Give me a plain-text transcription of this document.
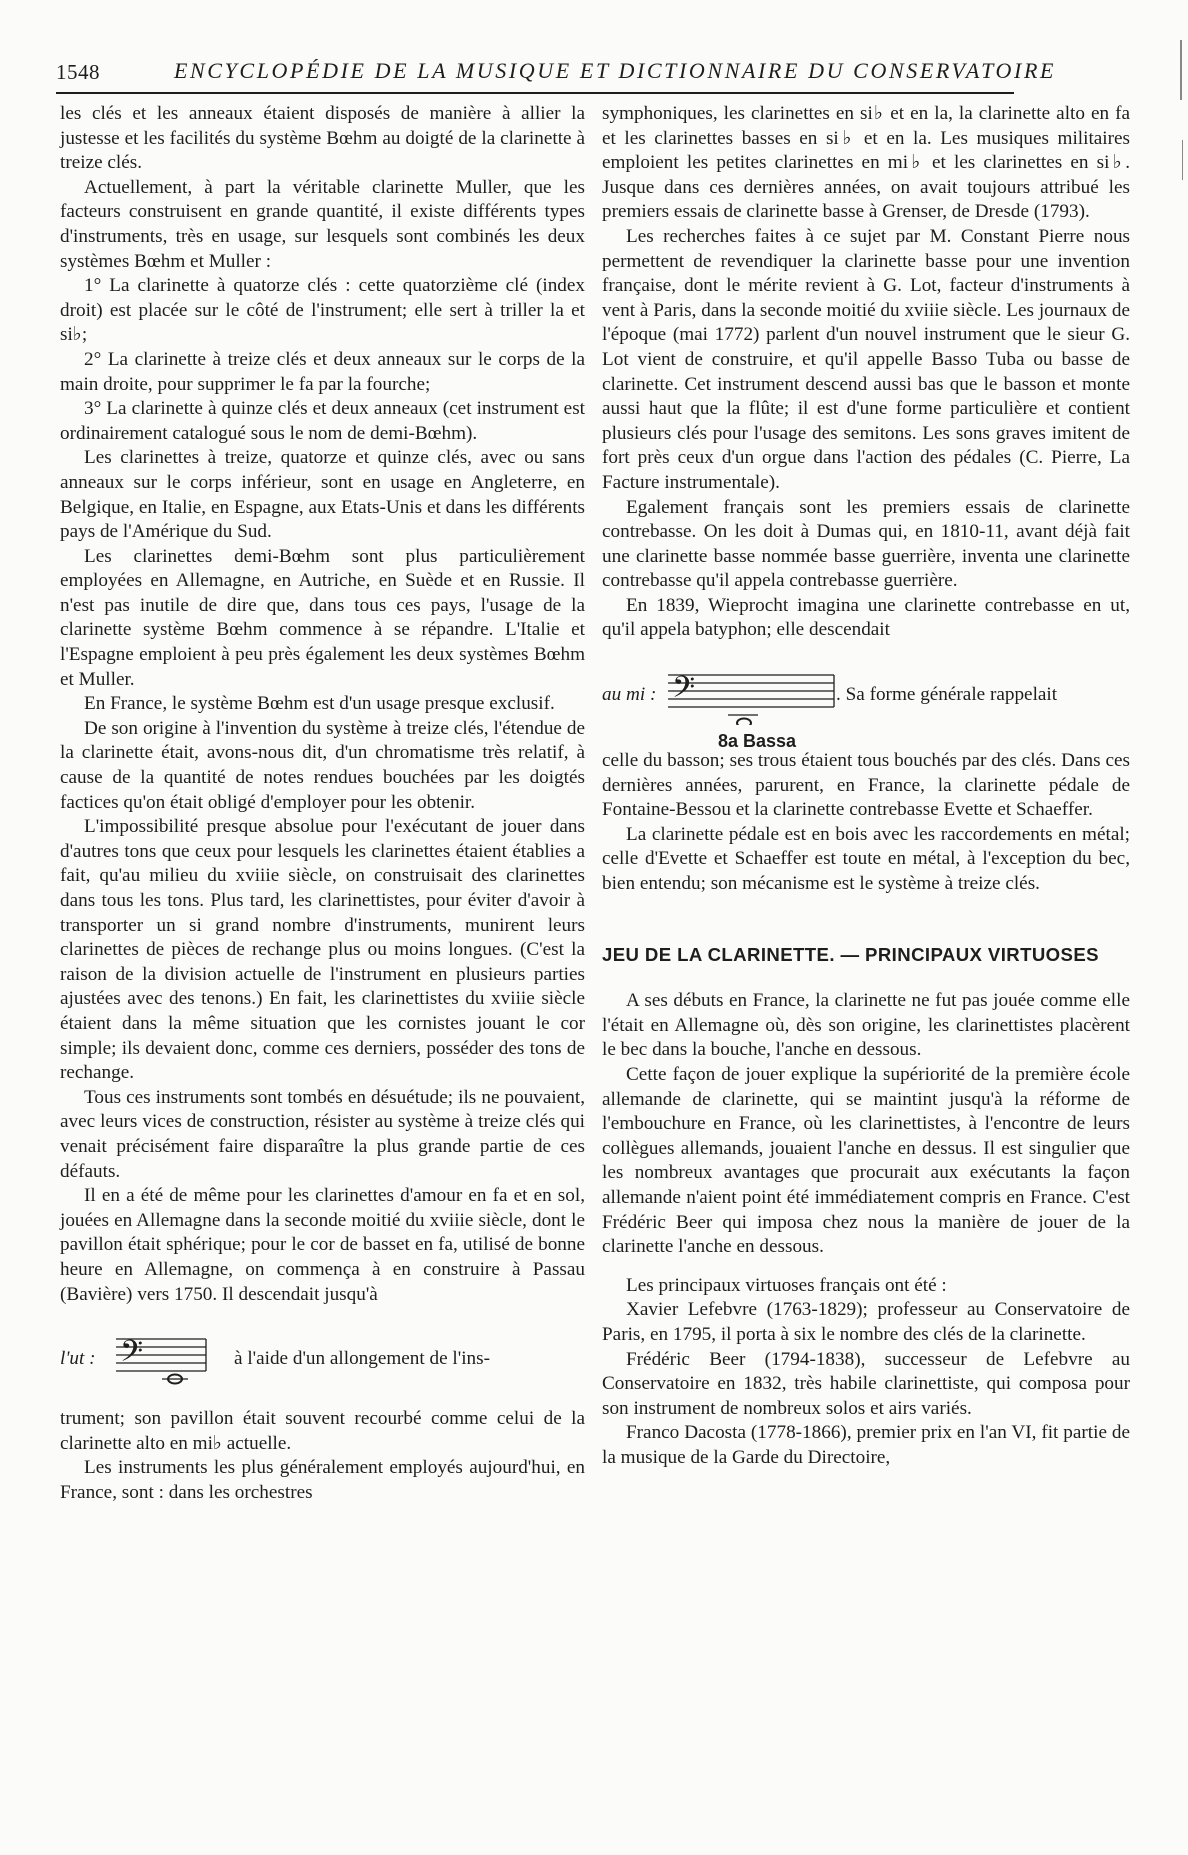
1548	ENCYCLOPÉDIE DE LA MUSIQUE ET DICTIONNAIRE DU CONSERVATOIRE

les clés et les anneaux étaient disposés de manière à allier la justesse et les facilités du système Bœhm au doigté de la clarinette à treize clés.

Actuellement, à part la véritable clarinette Muller, que les facteurs construisent en grande quantité, il existe différents types d'instruments, très en usage, sur lesquels sont combinés les deux systèmes Bœhm et Muller :

1° La clarinette à quatorze clés : cette quatorzième clé (index droit) est placée sur le côté de l'instrument; elle sert à triller la et si♭;

2° La clarinette à treize clés et deux anneaux sur le corps de la main droite, pour supprimer le fa par la fourche;

3° La clarinette à quinze clés et deux anneaux (cet instrument est ordinairement catalogué sous le nom de demi-Bœhm).

Les clarinettes à treize, quatorze et quinze clés, avec ou sans anneaux sur le corps inférieur, sont en usage en Angleterre, en Belgique, en Italie, en Espagne, aux Etats-Unis et dans les différents pays de l'Amérique du Sud.

Les clarinettes demi-Bœhm sont plus particulièrement employées en Allemagne, en Autriche, en Suède et en Russie. Il n'est pas inutile de dire que, dans tous ces pays, l'usage de la clarinette système Bœhm commence à se répandre. L'Italie et l'Espagne emploient à peu près également les deux systèmes Bœhm et Muller.

En France, le système Bœhm est d'un usage presque exclusif.

De son origine à l'invention du système à treize clés, l'étendue de la clarinette était, avons-nous dit, d'un chromatisme très relatif, à cause de la quantité de notes rendues bouchées par les doigtés factices qu'on était obligé d'employer pour les obtenir.

L'impossibilité presque absolue pour l'exécutant de jouer dans d'autres tons que ceux pour lesquels les clarinettes étaient établies a fait, qu'au milieu du xviiie siècle, on construisait des clarinettes dans tous les tons. Plus tard, les clarinettistes, pour éviter d'avoir à transporter un si grand nombre d'instruments, munirent leurs clarinettes de pièces de rechange plus ou moins longues. (C'est la raison de la division actuelle de l'instrument en plusieurs parties ajustées avec des tenons.) En fait, les clarinettistes du xviiie siècle étaient dans la même situation que les cornistes jouant le cor simple; ils devaient donc, comme ces derniers, posséder des tons de rechange.

Tous ces instruments sont tombés en désuétude; ils ne pouvaient, avec leurs vices de construction, résister au système à treize clés qui venait précisément faire disparaître la plus grande partie de ces défauts.

Il en a été de même pour les clarinettes d'amour en fa et en sol, jouées en Allemagne dans la seconde moitié du xviiie siècle, dont le pavillon était sphérique; pour le cor de basset en fa, utilisé de bonne heure en Allemagne, on commença à en construire à Passau (Bavière) vers 1750. Il descendait jusqu'à

l'ut : 𝄢	à l'aide d'un allongement de l'ins-

trument; son pavillon était souvent recourbé comme celui de la clarinette alto en mi♭ actuelle.

Les instruments les plus généralement employés aujourd'hui, en France, sont : dans les orchestres

symphoniques, les clarinettes en si♭ et en la, la clarinette alto en fa et les clarinettes basses en si♭ et en la. Les musiques militaires emploient les petites clarinettes en mi♭ et les clarinettes en si♭. Jusque dans ces dernières années, on avait toujours attribué les premiers essais de clarinette basse à Grenser, de Dresde (1793).

Les recherches faites à ce sujet par M. Constant Pierre nous permettent de revendiquer la clarinette basse pour une invention française, dont le mérite revient à G. Lot, facteur d'instruments à vent à Paris, dans la seconde moitié du xviiie siècle. Les journaux de l'époque (mai 1772) parlent d'un nouvel instrument que le sieur G. Lot vient de construire, et qu'il appelle Basso Tuba ou basse de clarinette. Cet instrument descend aussi bas que le basson et monte aussi haut que la flûte; il est d'une forme particulière et contient plusieurs clés pour l'usage des semitons. Les sons graves imitent de fort près ceux d'un orgue dans l'action des pédales (C. Pierre, La Facture instrumentale).

Egalement français sont les premiers essais de clarinette contrebasse. On les doit à Dumas qui, en 1810-11, avant déjà fait une clarinette basse nommée basse guerrière, inventa une clarinette contrebasse qu'il appela contrebasse guerrière.

En 1839, Wieprocht imagina une clarinette contrebasse en ut, qu'il appela batyphon; elle descendait

au mi : 𝄢	. Sa forme générale rappelait
8a Bassa

celle du basson; ses trous étaient tous bouchés par des clés. Dans ces dernières années, parurent, en France, la clarinette pédale de Fontaine-Bessou et la clarinette contrebasse Evette et Schaeffer.

La clarinette pédale est en bois avec les raccordements en métal; celle d'Evette et Schaeffer est toute en métal, à l'exception du bec, bien entendu; son mécanisme est le système à treize clés.

JEU DE LA CLARINETTE. — PRINCIPAUX VIRTUOSES

A ses débuts en France, la clarinette ne fut pas jouée comme elle l'était en Allemagne où, dès son origine, les clarinettistes placèrent le bec dans la bouche, l'anche en dessous.

Cette façon de jouer explique la supériorité de la première école allemande de clarinette, qui se maintint jusqu'à la réforme de l'embouchure en France, où les clarinettistes, à l'encontre de leurs collègues allemands, jouaient l'anche en dessus. Il est singulier que les nombreux avantages que procurait aux exécutants la façon allemande n'aient point été immédiatement compris en France. C'est Frédéric Beer qui imposa chez nous la manière de jouer de la clarinette l'anche en dessous.

Les principaux virtuoses français ont été :

Xavier Lefebvre (1763-1829); professeur au Conservatoire de Paris, en 1795, il porta à six le nombre des clés de la clarinette.

Frédéric Beer (1794-1838), successeur de Lefebvre au Conservatoire en 1832, très habile clarinettiste, qui composa pour son instrument de nombreux solos et airs variés.

Franco Dacosta (1778-1866), premier prix en l'an VI, fit partie de la musique de la Garde du Directoire,
